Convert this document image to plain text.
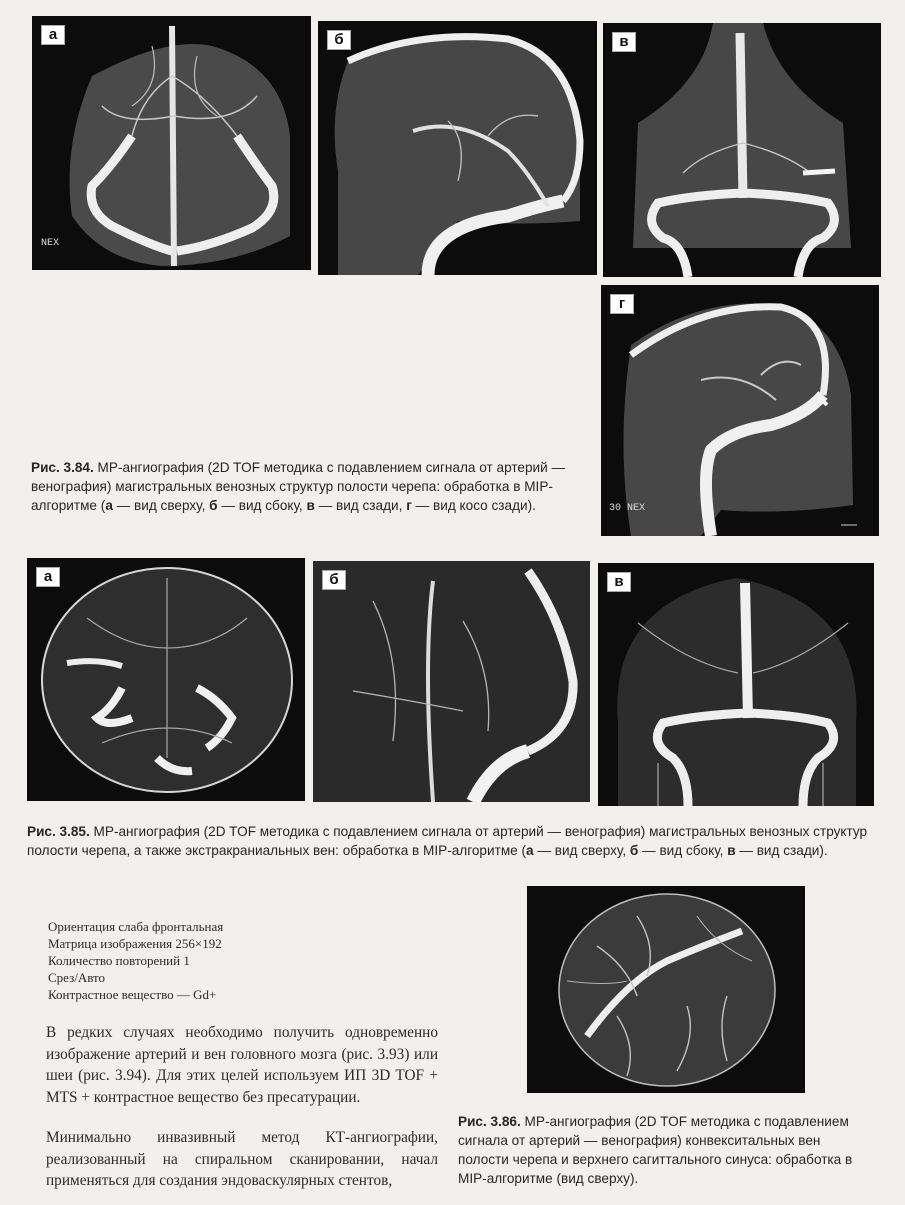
а
NEX
б	в
г
30 NEX
Рис. 3.84. МР-ангиография (2D TOF методика с подавлением сигнала от артерий — венография) магистральных венозных структур полости черепа: обработка в MIP-алгоритме (а — вид сверху, б — вид сбоку, в — вид сзади, г — вид косо сзади).
а	б	в
Рис. 3.85. МР-ангиография (2D TOF методика с подавлением сигнала от артерий — венография) магистральных венозных структур полости черепа, а также экстракраниальных вен: обработка в MIP-алгоритме (а — вид сверху, б — вид сбоку, в — вид сзади).
Ориентация слаба фронтальная
Матрица изображения 256×192
Количество повторений 1
Срез/Авто
Контрастное вещество — Gd+

В редких случаях необходимо получить одновременно изображение артерий и вен головного мозга (рис. 3.93) или шеи (рис. 3.94). Для этих целей используем ИП 3D TOF + MTS + контрастное вещество без пресатурации.

Минимально инвазивный метод КТ-ангиографии, реализованный на спиральном сканировании, начал применяться для создания эндоваскулярных стентов,

Рис. 3.86. МР-ангиография (2D TOF методика с подавлением сигнала от артерий — венография) конвекситальных вен полости черепа и верхнего сагиттального синуса: обработка в MIP-алгоритме (вид сверху).
